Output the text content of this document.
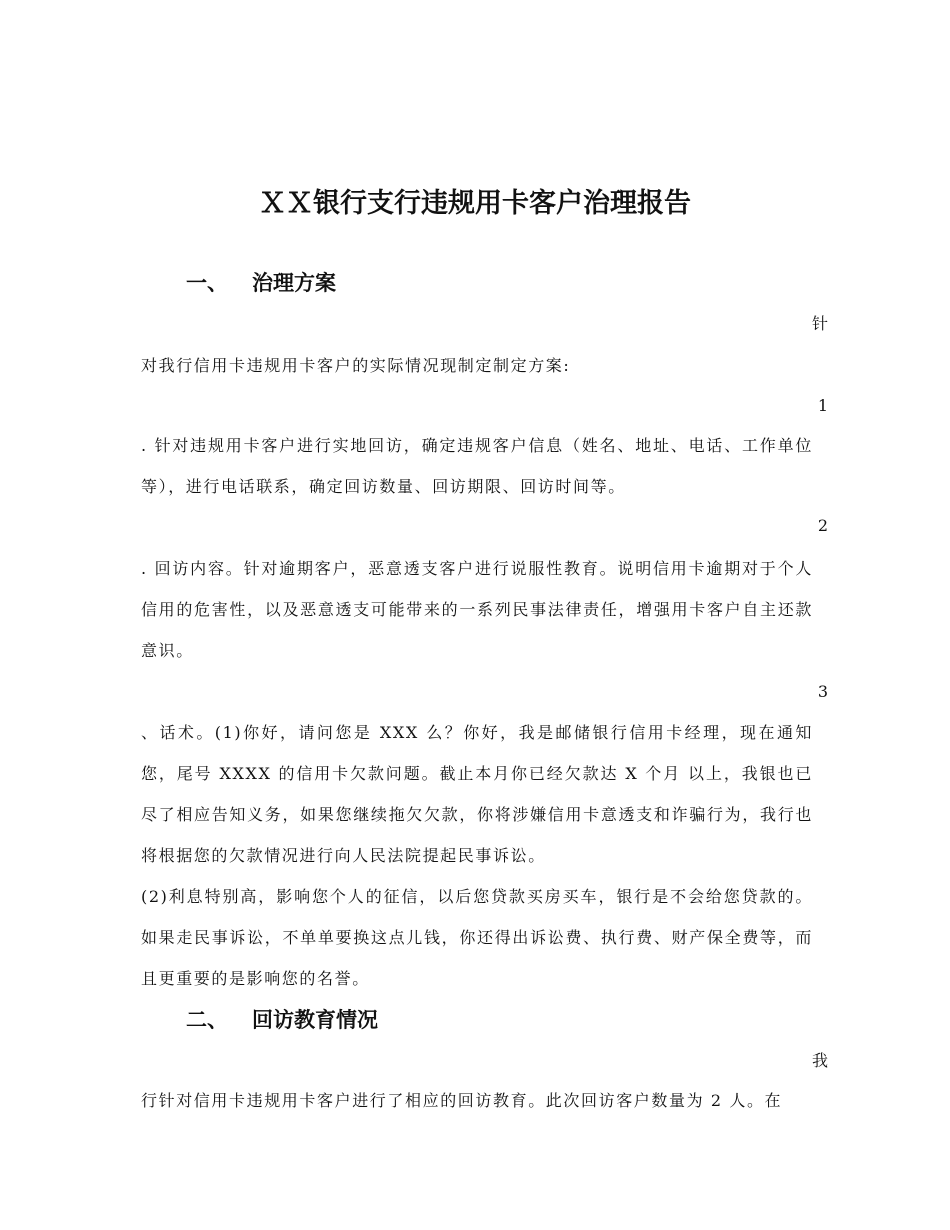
ＸＸ银行支行违规用卡客户治理报告
一、 治理方案
针

对我行信用卡违规用卡客户的实际情况现制定制定方案:

1

. 针对违规用卡客户进行实地回访，确定违规客户信息（姓名、地址、电话、工作单位等），进行电话联系，确定回访数量、回访期限、回访时间等。

2

. 回访内容。针对逾期客户，恶意透支客户进行说服性教育。说明信用卡逾期对于个人信用的危害性，以及恶意透支可能带来的一系列民事法律责任，增强用卡客户自主还款意识。

3

、话术。(1)你好，请问您是 XXX 么？你好，我是邮储银行信用卡经理，现在通知您，尾号 XXXX 的信用卡欠款问题。截止本月你已经欠款达 X 个月 以上，我银也已尽了相应告知义务，如果您继续拖欠欠款，你将涉嫌信用卡意透支和诈骗行为，我行也将根据您的欠款情况进行向人民法院提起民事诉讼。

(2)利息特别高，影响您个人的征信，以后您贷款买房买车，银行是不会给您贷款的。如果走民事诉讼，不单单要换这点儿钱，你还得出诉讼费、执行费、财产保全费等，而且更重要的是影响您的名誉。

二、 回访教育情况
我

行针对信用卡违规用卡客户进行了相应的回访教育。此次回访客户数量为 2 人。在
